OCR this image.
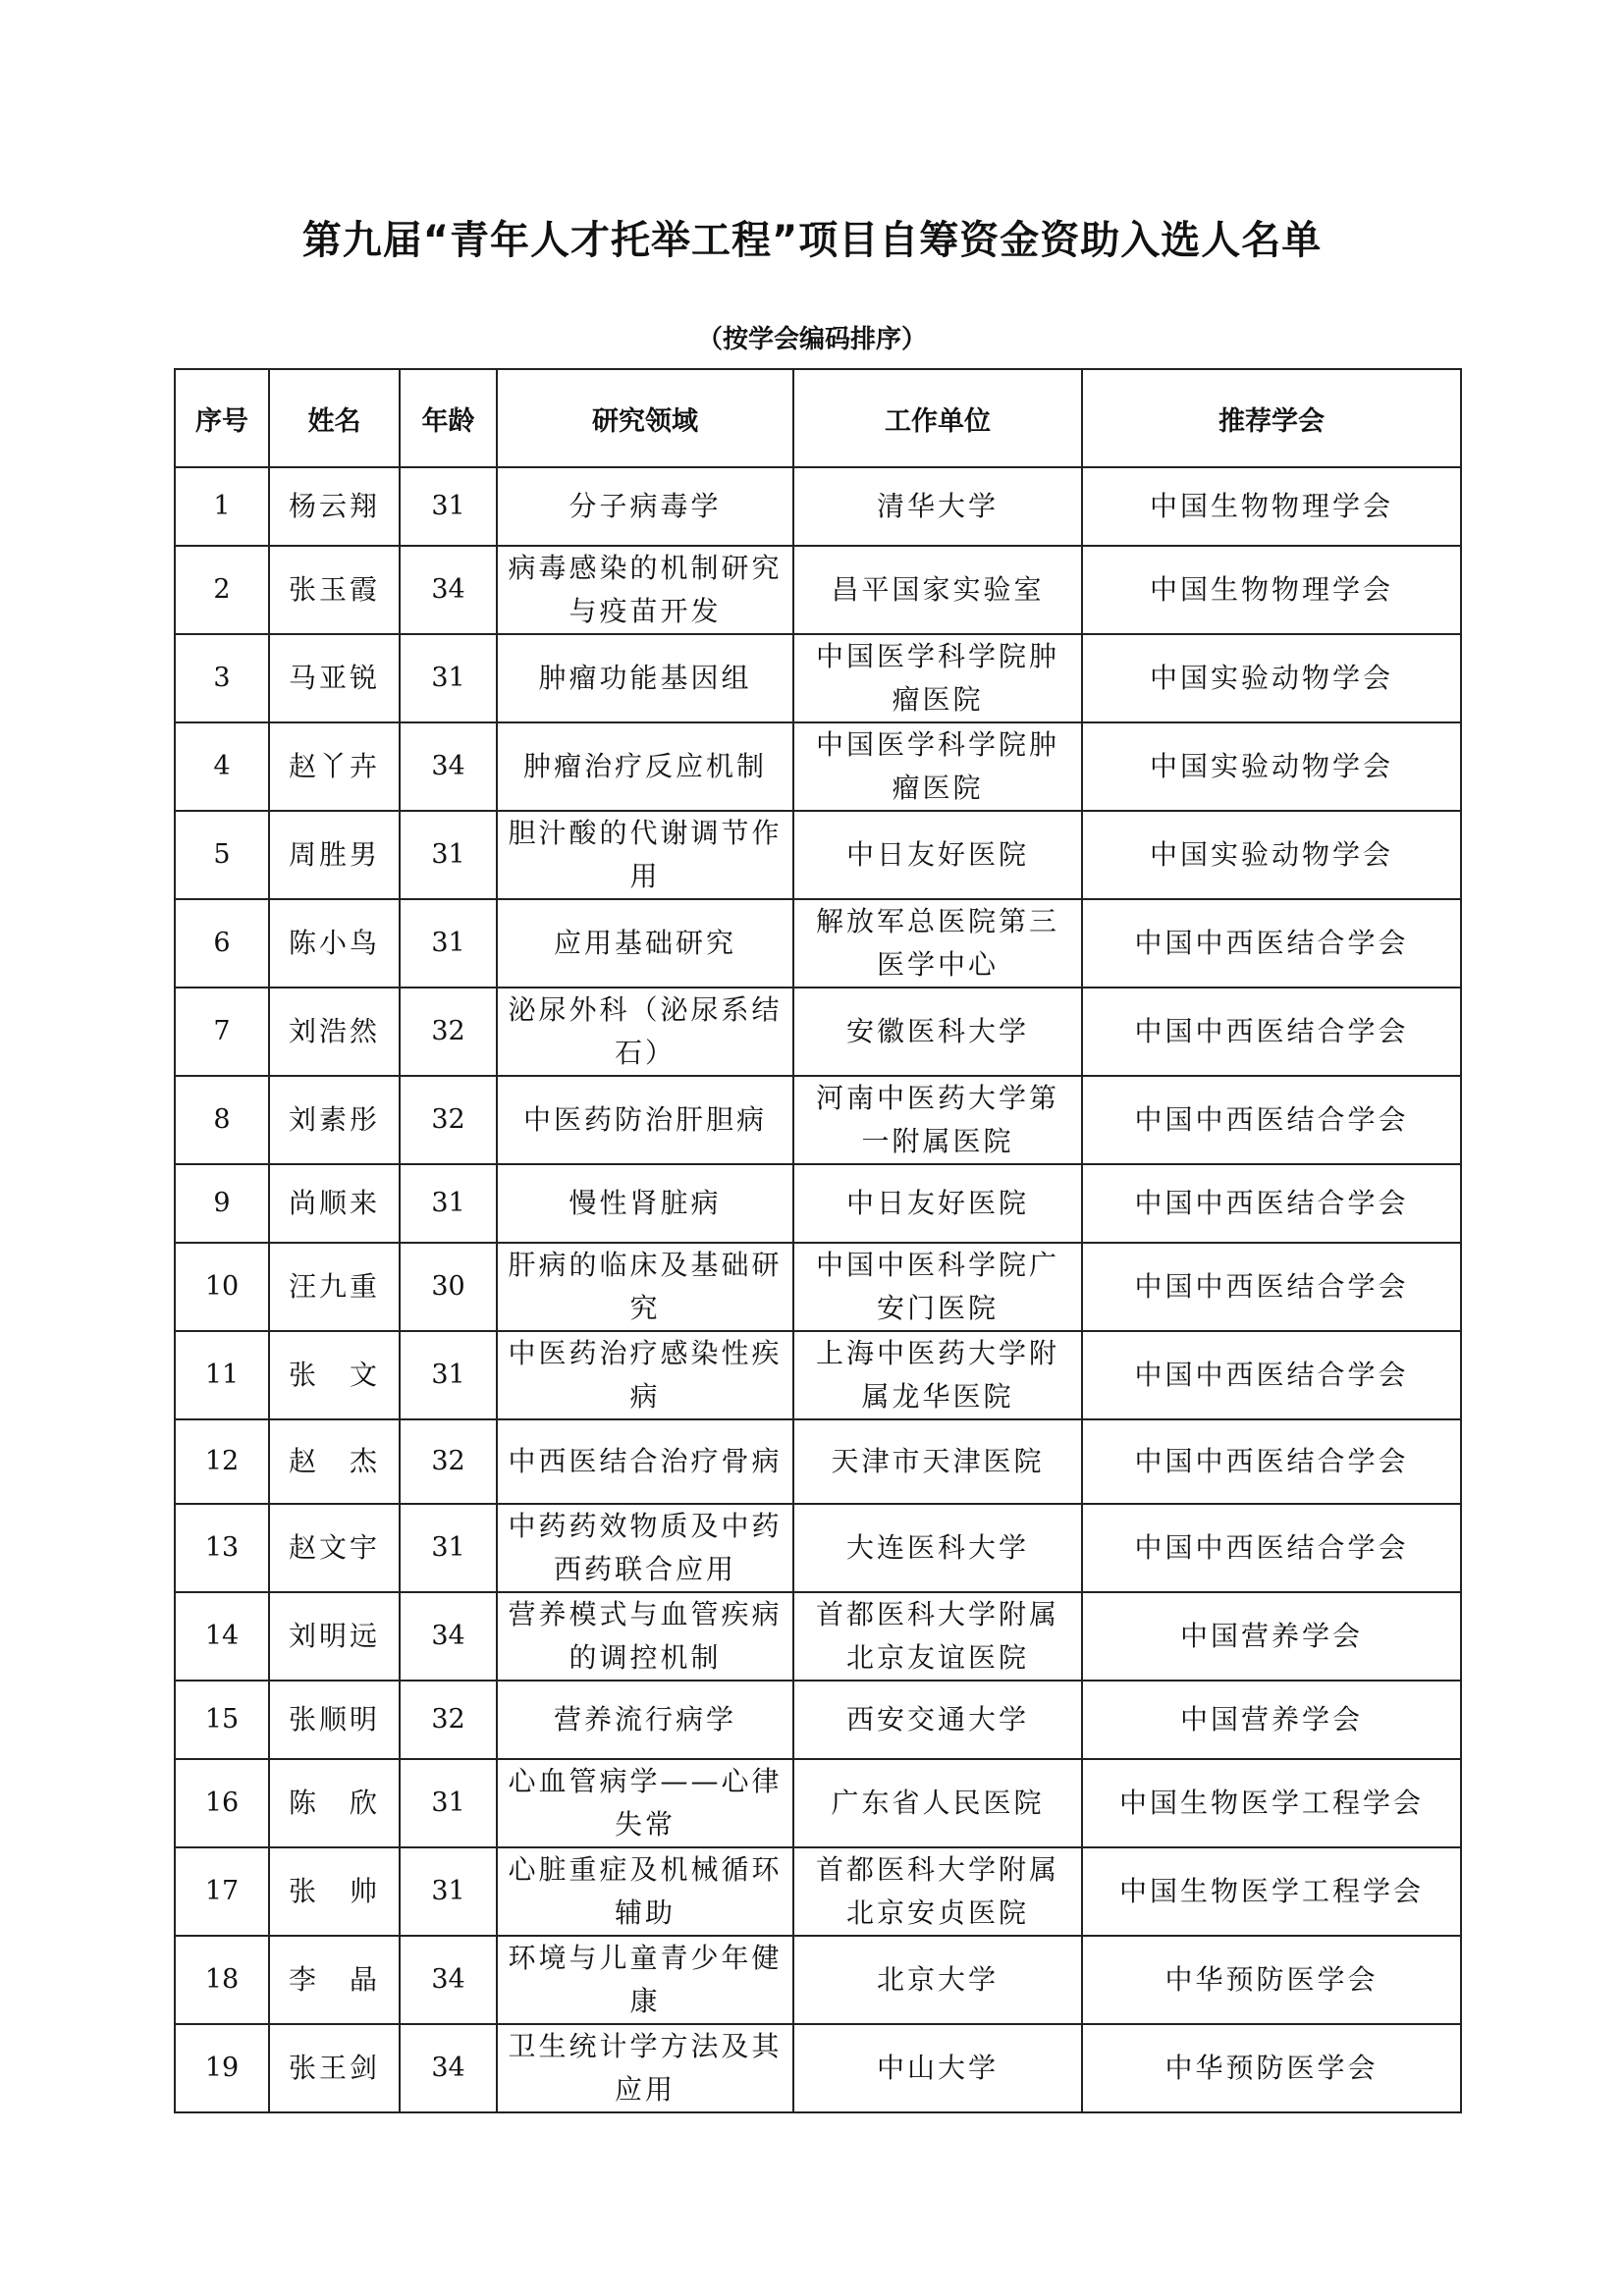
第九届“青年人才托举工程”项目自筹资金资助入选人名单
（按学会编码排序）
序号	姓名	年龄	研究领域	工作单位	推荐学会
1	杨云翔	31	分子病毒学	清华大学	中国生物物理学会
2	张玉霞	34	病毒感染的机制研究与疫苗开发	昌平国家实验室	中国生物物理学会
3	马亚锐	31	肿瘤功能基因组	中国医学科学院肿瘤医院	中国实验动物学会
4	赵丫卉	34	肿瘤治疗反应机制	中国医学科学院肿瘤医院	中国实验动物学会
5	周胜男	31	胆汁酸的代谢调节作用	中日友好医院	中国实验动物学会
6	陈小鸟	31	应用基础研究	解放军总医院第三医学中心	中国中西医结合学会
7	刘浩然	32	泌尿外科（泌尿系结石）	安徽医科大学	中国中西医结合学会
8	刘素彤	32	中医药防治肝胆病	河南中医药大学第一附属医院	中国中西医结合学会
9	尚顺来	31	慢性肾脏病	中日友好医院	中国中西医结合学会
10	汪九重	30	肝病的临床及基础研究	中国中医科学院广安门医院	中国中西医结合学会
11	张　文	31	中医药治疗感染性疾病	上海中医药大学附属龙华医院	中国中西医结合学会
12	赵　杰	32	中西医结合治疗骨病	天津市天津医院	中国中西医结合学会
13	赵文宇	31	中药药效物质及中药西药联合应用	大连医科大学	中国中西医结合学会
14	刘明远	34	营养模式与血管疾病的调控机制	首都医科大学附属北京友谊医院	中国营养学会
15	张顺明	32	营养流行病学	西安交通大学	中国营养学会
16	陈　欣	31	心血管病学——心律失常	广东省人民医院	中国生物医学工程学会
17	张　帅	31	心脏重症及机械循环辅助	首都医科大学附属北京安贞医院	中国生物医学工程学会
18	李　晶	34	环境与儿童青少年健康	北京大学	中华预防医学会
19	张王剑	34	卫生统计学方法及其应用	中山大学	中华预防医学会
